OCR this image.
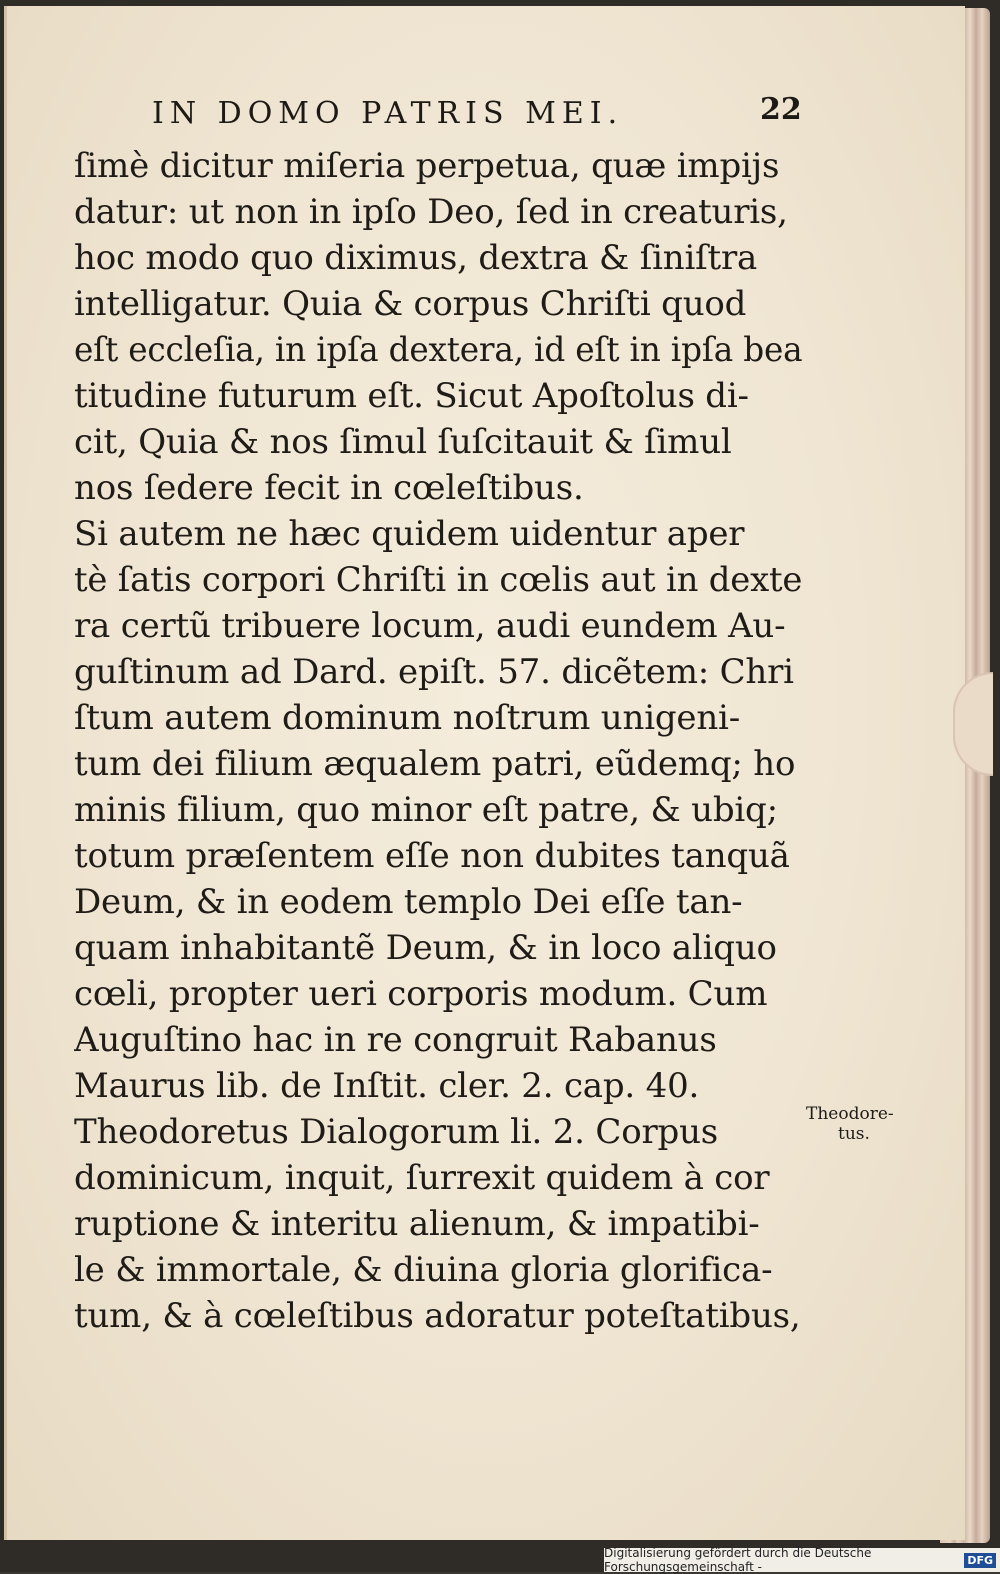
IN DOMO PATRIS MEI.	22
ſimè dicitur miſeria perpetua, quæ impijs
datur: ut non in ipſo Deo, ſed in creaturis,
hoc modo quo diximus, dextra & ſiniſtra
intelligatur. Quia & corpus Chriſti quod
eſt eccleſia, in ipſa dextera, id eſt in ipſa bea
titudine futurum eſt. Sicut Apoſtolus di-
cit, Quia & nos ſimul ſuſcitauit & ſimul
nos ſedere fecit in cœleſtibus.
Si autem ne hæc quidem uidentur aper
tè ſatis corpori Chriſti in cœlis aut in dexte
ra certũ tribuere locum, audi eundem Au-
guſtinum ad Dard. epiſt. 57. dicẽtem: Chri
ſtum autem dominum noſtrum unigeni-
tum dei filium æqualem patri, eũdemq; ho
minis filium, quo minor eſt patre, & ubiq;
totum præſentem eſſe non dubites tanquã
Deum, & in eodem templo Dei eſſe tan-
quam inhabitantẽ Deum, & in loco aliquo
cœli, propter ueri corporis modum. Cum
Auguſtino hac in re congruit Rabanus
Maurus lib. de Inſtit. cler. 2. cap. 40.
Theodoretus Dialogorum li. 2. Corpus
dominicum, inquit, ſurrexit quidem à cor
ruptione & interitu alienum, & impatibi-
le & immortale, & diuina gloria glorifica-
tum, & à cœleſtibus adoratur poteſtatibus,
Theodore-
tus.
Digitalisierung gefördert durch die Deutsche Forschungsgemeinschaft -	DFG
